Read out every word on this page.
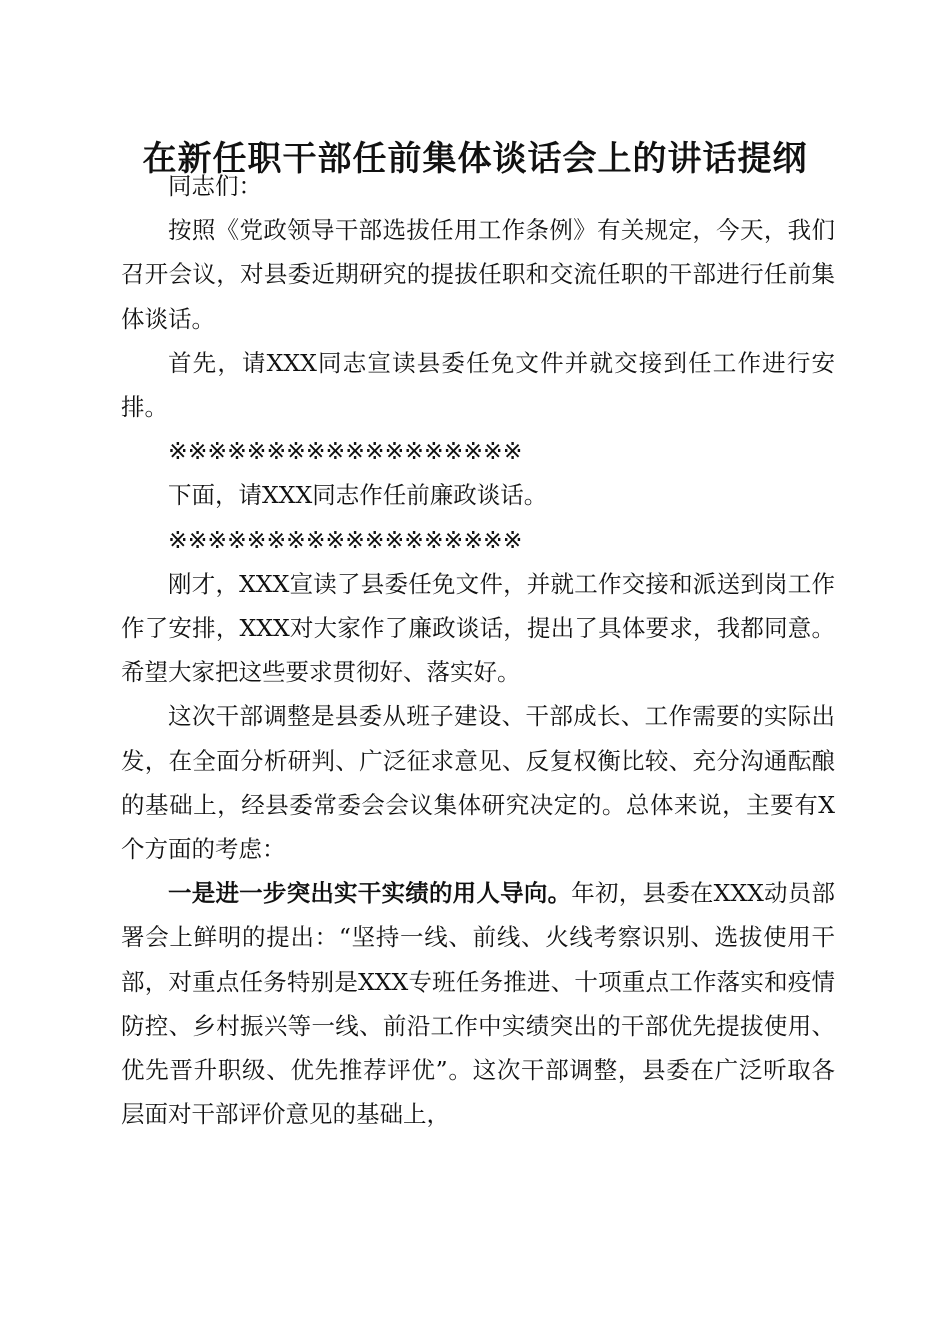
在新任职干部任前集体谈话会上的讲话提纲

同志们：

按照《党政领导干部选拔任用工作条例》有关规定，今天，我们召开会议，对县委近期研究的提拔任职和交流任职的干部进行任前集体谈话。

首先，请XXX同志宣读县委任免文件并就交接到任工作进行安排。

※※※※※※※※※※※※※※※※※※

下面，请XXX同志作任前廉政谈话。

※※※※※※※※※※※※※※※※※※

刚才，XXX宣读了县委任免文件，并就工作交接和派送到岗工作作了安排，XXX对大家作了廉政谈话，提出了具体要求，我都同意。希望大家把这些要求贯彻好、落实好。

这次干部调整是县委从班子建设、干部成长、工作需要的实际出发，在全面分析研判、广泛征求意见、反复权衡比较、充分沟通酝酿的基础上，经县委常委会会议集体研究决定的。总体来说，主要有X个方面的考虑：

一是进一步突出实干实绩的用人导向。年初，县委在XXX动员部署会上鲜明的提出：“坚持一线、前线、火线考察识别、选拔使用干部，对重点任务特别是XXX专班任务推进、十项重点工作落实和疫情防控、乡村振兴等一线、前沿工作中实绩突出的干部优先提拔使用、优先晋升职级、优先推荐评优”。这次干部调整，县委在广泛听取各层面对干部评价意见的基础上，
